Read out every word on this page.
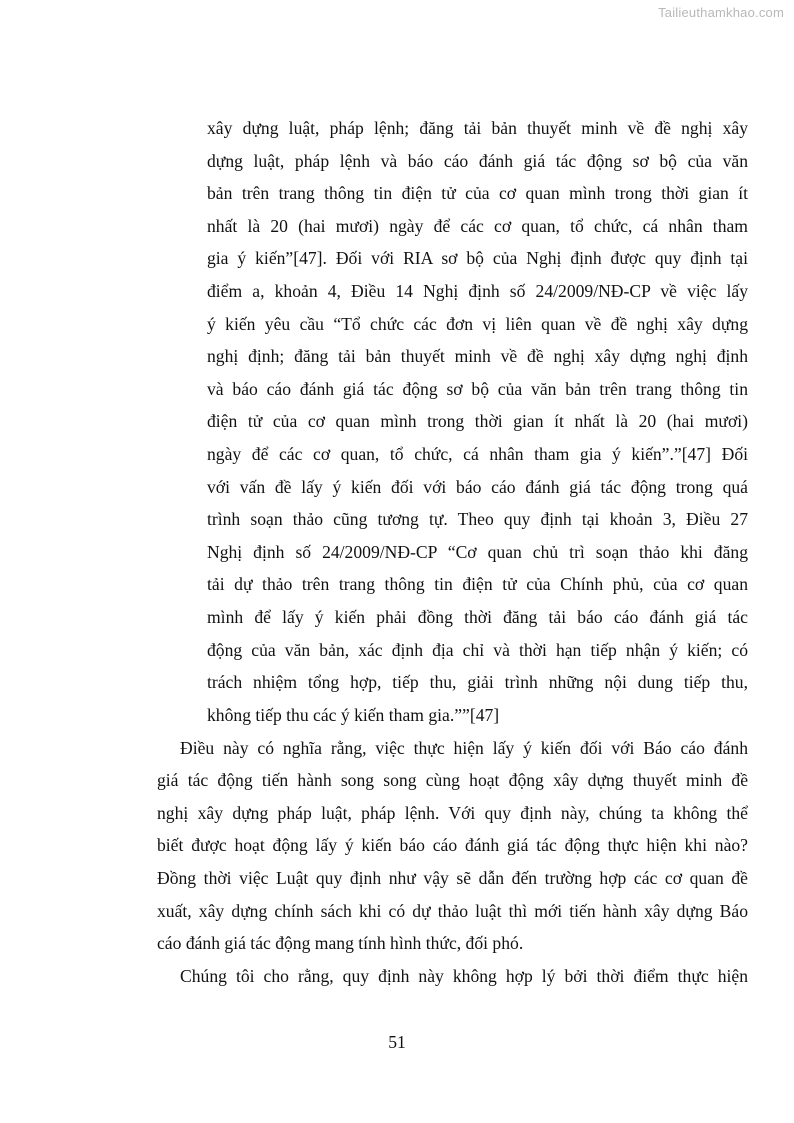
Tailieuthamkhao.com
xây dựng luật, pháp lệnh; đăng tải bản thuyết minh về đề nghị xây
dựng luật, pháp lệnh và báo cáo đánh giá tác động sơ bộ của văn
bản trên trang thông tin điện tử của cơ quan mình trong thời gian ít
nhất là 20 (hai mươi) ngày để các cơ quan, tổ chức, cá nhân tham
gia ý kiến”[47]. Đối với RIA sơ bộ của Nghị định được quy định tại
điểm a, khoản 4, Điều 14 Nghị định số 24/2009/NĐ-CP về việc lấy
ý kiến yêu cầu “Tổ chức các đơn vị liên quan về đề nghị xây dựng
nghị định; đăng tải bản thuyết minh về đề nghị xây dựng nghị định
và báo cáo đánh giá tác động sơ bộ của văn bản trên trang thông tin
điện tử của cơ quan mình trong thời gian ít nhất là 20 (hai mươi)
ngày để các cơ quan, tổ chức, cá nhân tham gia ý kiến”.”[47] Đối
với vấn đề lấy ý kiến đối với báo cáo đánh giá tác động trong quá
trình soạn thảo cũng tương tự. Theo quy định tại khoản 3, Điều 27
Nghị định số 24/2009/NĐ-CP “Cơ quan chủ trì soạn thảo khi đăng
tải dự thảo trên trang thông tin điện tử của Chính phủ, của cơ quan
mình để lấy ý kiến phải đồng thời đăng tải báo cáo đánh giá tác
động của văn bản, xác định địa chỉ và thời hạn tiếp nhận ý kiến; có
trách nhiệm tổng hợp, tiếp thu, giải trình những nội dung tiếp thu,
không tiếp thu các ý kiến tham gia.””[47]
Điều này có nghĩa rằng, việc thực hiện lấy ý kiến đối với Báo cáo đánh
giá tác động tiến hành song song cùng hoạt động xây dựng thuyết minh đề
nghị xây dựng pháp luật, pháp lệnh. Với quy định này, chúng ta không thể
biết được hoạt động lấy ý kiến báo cáo đánh giá tác động thực hiện khi nào?
Đồng thời việc Luật quy định như vậy sẽ dẫn đến trường hợp các cơ quan đề
xuất, xây dựng chính sách khi có dự thảo luật thì mới tiến hành xây dựng Báo
cáo đánh giá tác động mang tính hình thức, đối phó.
Chúng tôi cho rằng, quy định này không hợp lý bởi thời điểm thực hiện
51
